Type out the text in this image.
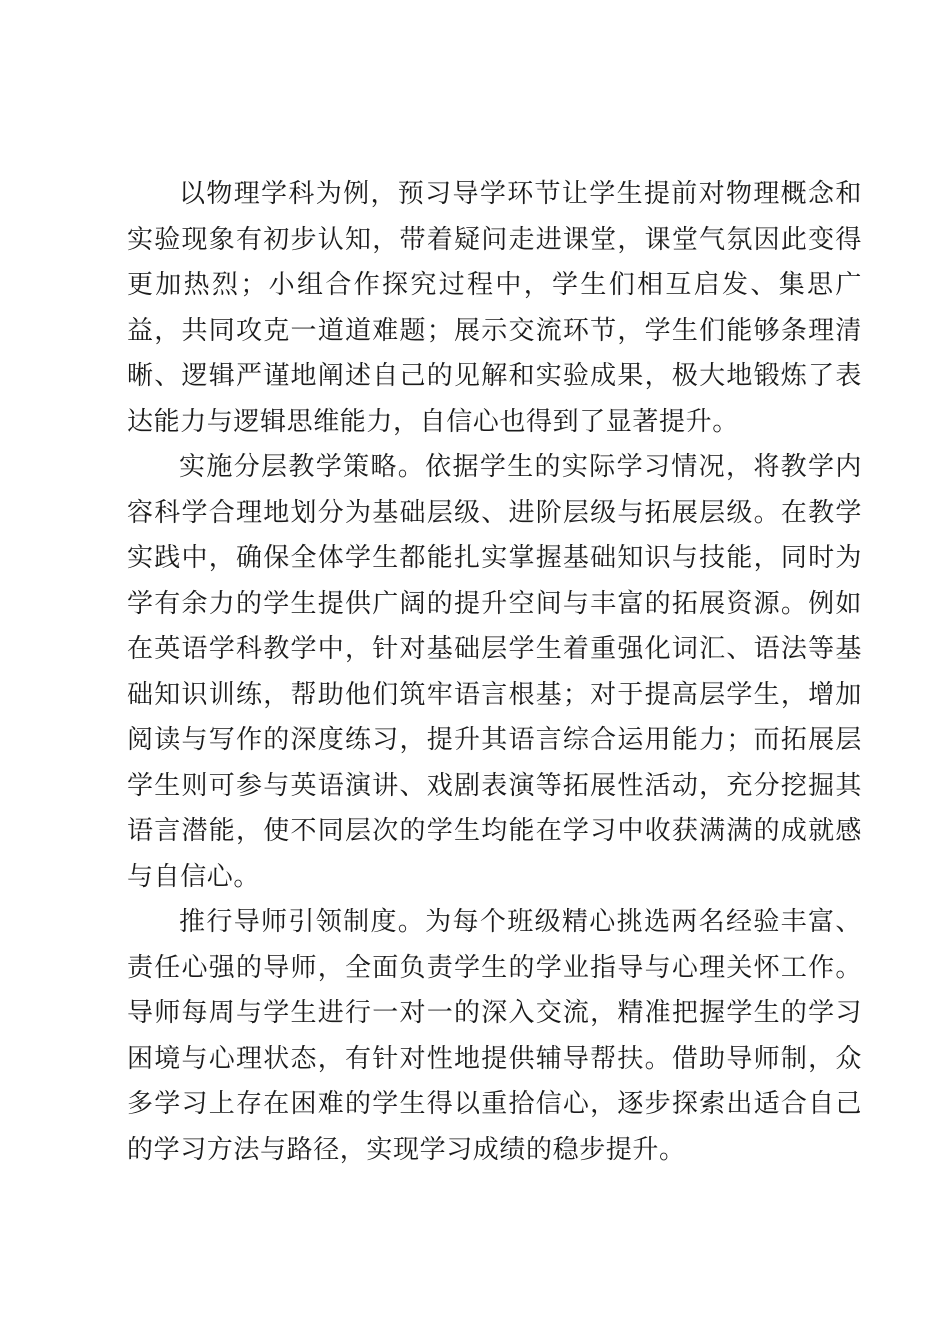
以物理学科为例，预习导学环节让学生提前对物理概念和实验现象有初步认知，带着疑问走进课堂，课堂气氛因此变得更加热烈；小组合作探究过程中，学生们相互启发、集思广益，共同攻克一道道难题；展示交流环节，学生们能够条理清晰、逻辑严谨地阐述自己的见解和实验成果，极大地锻炼了表达能力与逻辑思维能力，自信心也得到了显著提升。

实施分层教学策略。依据学生的实际学习情况，将教学内容科学合理地划分为基础层级、进阶层级与拓展层级。在教学实践中，确保全体学生都能扎实掌握基础知识与技能，同时为学有余力的学生提供广阔的提升空间与丰富的拓展资源。例如在英语学科教学中，针对基础层学生着重强化词汇、语法等基础知识训练，帮助他们筑牢语言根基；对于提高层学生，增加阅读与写作的深度练习，提升其语言综合运用能力；而拓展层学生则可参与英语演讲、戏剧表演等拓展性活动，充分挖掘其语言潜能，使不同层次的学生均能在学习中收获满满的成就感与自信心。

推行导师引领制度。为每个班级精心挑选两名经验丰富、责任心强的导师，全面负责学生的学业指导与心理关怀工作。导师每周与学生进行一对一的深入交流，精准把握学生的学习困境与心理状态，有针对性地提供辅导帮扶。借助导师制，众多学习上存在困难的学生得以重拾信心，逐步探索出适合自己的学习方法与路径，实现学习成绩的稳步提升。
